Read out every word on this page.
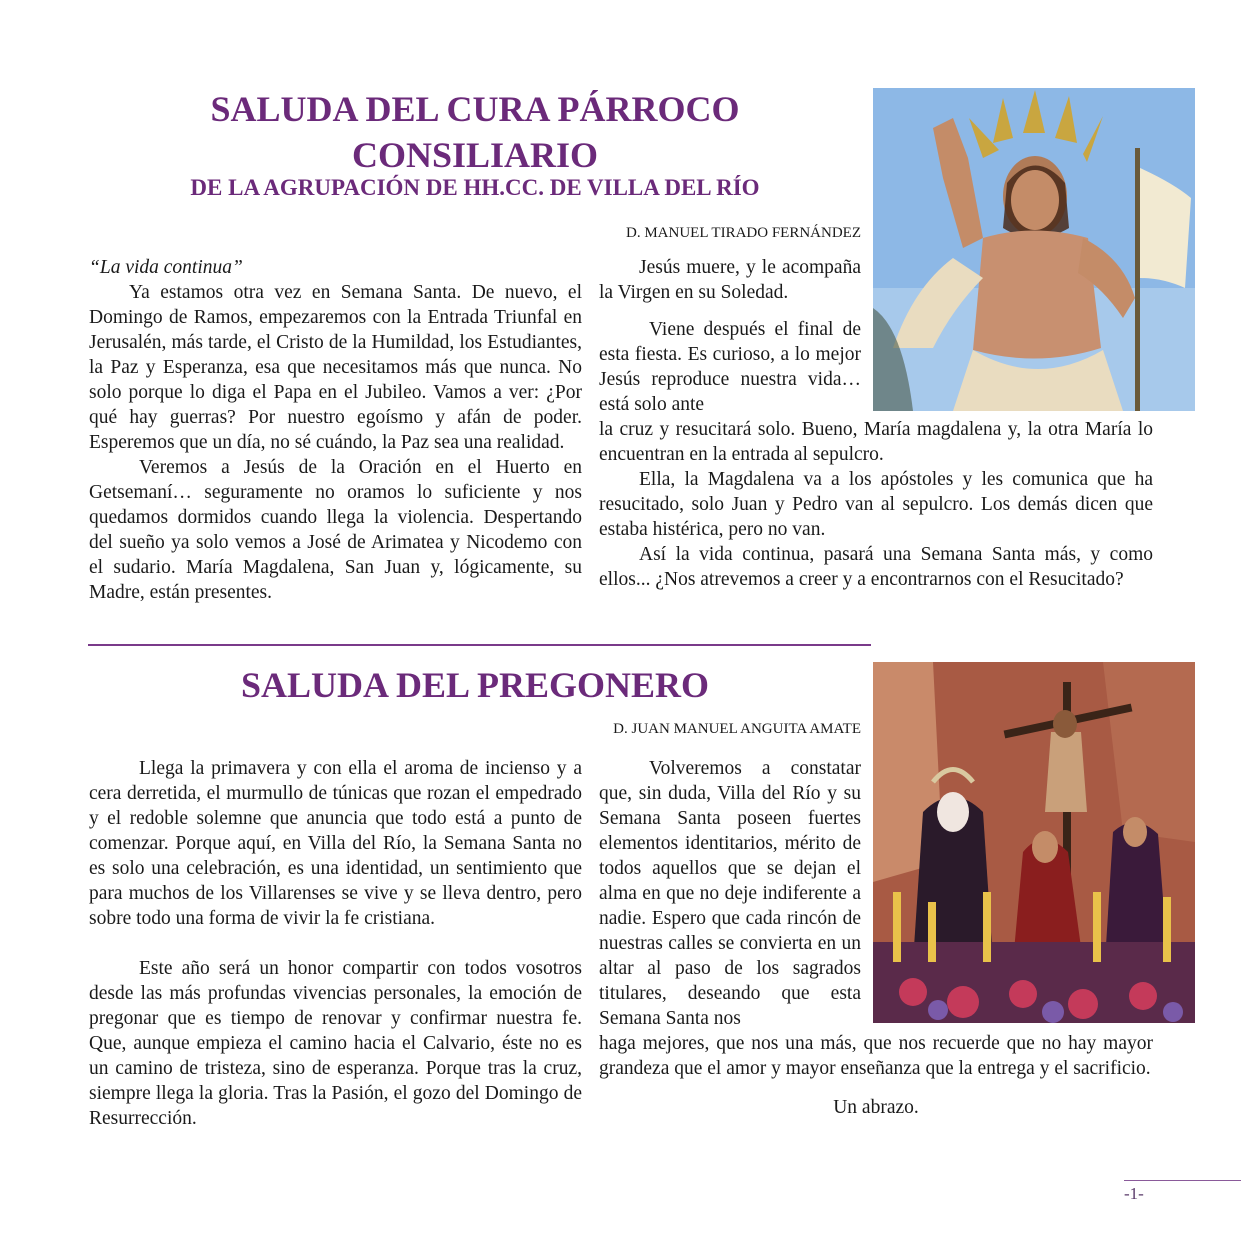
SALUDA DEL CURA PÁRROCO
CONSILIARIO
DE LA AGRUPACIÓN DE HH.CC. DE VILLA DEL RÍO
D. MANUEL TIRADO FERNÁNDEZ

“La vida continua”

Ya estamos otra vez en Semana Santa. De nuevo, el Domingo de Ramos, empezaremos con la Entrada Triunfal en Jerusalén, más tarde, el Cristo de la Humildad, los Estudiantes, la Paz y Esperanza, esa que necesitamos más que nunca. No solo porque lo diga el Papa en el Jubileo. Vamos a ver: ¿Por qué hay guerras? Por nuestro egoísmo y afán de poder. Esperemos que un día, no sé cuándo, la Paz sea una realidad.

Veremos a Jesús de la Oración en el Huerto en Getsemaní… seguramente no oramos lo suficiente y nos quedamos dormidos cuando llega la violencia. Despertando del sueño ya solo vemos a José de Arimatea y Nicodemo con el sudario. María Magdalena, San Juan y, lógicamente, su Madre, están presentes.

Jesús muere, y le acompaña la Virgen en su Soledad.

Viene después el final de esta fiesta. Es curioso, a lo mejor Jesús reproduce nuestra vida… está solo ante

la cruz y resucitará solo. Bueno, María magdalena y, la otra María lo encuentran en la entrada al sepulcro.

Ella, la Magdalena va a los apóstoles y les comunica que ha resucitado, solo Juan y Pedro van al sepulcro. Los demás dicen que estaba histérica, pero no van.

Así la vida continua, pasará una Semana Santa más, y como ellos... ¿Nos atrevemos a creer y a encontrarnos con el Resucitado?

SALUDA DEL PREGONERO
D. JUAN MANUEL ANGUITA AMATE

Llega la primavera y con ella el aroma de incienso y a cera derretida, el murmullo de túnicas que rozan el empedrado y el redoble solemne que anuncia que todo está a punto de comenzar. Porque aquí, en Villa del Río, la Semana Santa no es solo una celebración, es una identidad, un sentimiento que para muchos de los Villarenses se vive y se lleva dentro, pero sobre todo una forma de vivir la fe cristiana.

Este año será un honor compartir con todos vosotros desde las más profundas vivencias personales, la emoción de pregonar que es tiempo de renovar y confirmar nuestra fe. Que, aunque empieza el camino hacia el Calvario, éste no es un camino de tristeza, sino de esperanza. Porque tras la cruz, siempre llega la gloria. Tras la Pasión, el gozo del Domingo de Resurrección.

Volveremos a constatar que, sin duda, Villa del Río y su Semana Santa poseen fuertes elementos identitarios, mérito de todos aquellos que se dejan el alma en que no deje indiferente a nadie. Espero que cada rincón de nuestras calles se convierta en un altar al paso de los sagrados titulares, deseando que esta Semana Santa nos

haga mejores, que nos una más, que nos recuerde que no hay mayor grandeza que el amor y mayor enseñanza que la entrega y el sacrificio.

Un abrazo.

-1-
